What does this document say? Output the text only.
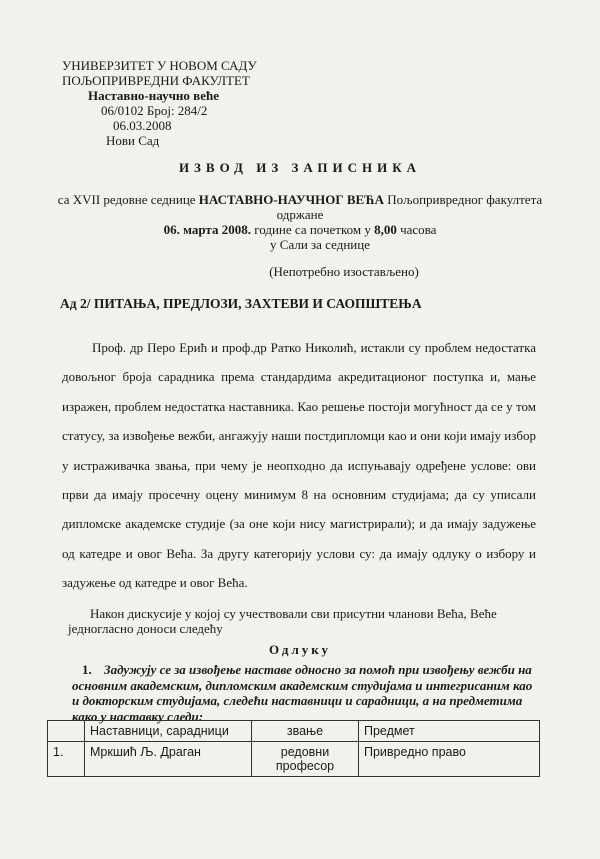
УНИВЕРЗИТЕТ У НОВОМ САДУ
ПОЉОПРИВРЕДНИ ФАКУЛТЕТ
Наставно-научно веће
06/0102 Број: 284/2
06.03.2008
Нови Сад
ИЗВОД ИЗ ЗАПИСНИКА
са XVII редовне седнице НАСТАВНО-НАУЧНОГ ВЕЋА Пољопривредног факултета
одржане
06. марта 2008. године са почетком у 8,00 часова
у Сали за седнице
(Непотребно изостављено)
Ад 2/ ПИТАЊА, ПРЕДЛОЗИ, ЗАХТЕВИ И САОПШТЕЊА

Проф. др Перо Ерић и проф.др Ратко Николић, истакли су проблем недостатка довољног броја сарадника према стандардима акредитационог поступка и, мање изражен, проблем недостатка наставника. Као решење постоји могућност да се у том статусу, за извођење вежби, ангажују наши постдипломци као и они који имају избор у истраживачка звања, при чему је неопходно да испуњавају одређене услове: ови први да имају просечну оцену минимум 8 на основним студијама; да су уписали дипломске академске студије (за оне који нису магистрирали); и да имају задужење од катедре и овог Већа. За другу категорију услови су: да имају одлуку о избору и задужење од катедре и овог Већа.

Након дискусије у којој су учествовали сви присутни чланови Већа, Веће
једногласно доноси следећу

Одлуку

1. Задужују се за извођење наставе односно за помоћ при извођењу вежби на основним академским, дипломским академским студијама и интегрисаним као и докторским студијама, следећи наставници и сарадници, а на предметима како у наставку следи:

	Наставници, сарадници	звање	Предмет
1.	Мркшић Љ. Драган	редовни професор	Привредно право
